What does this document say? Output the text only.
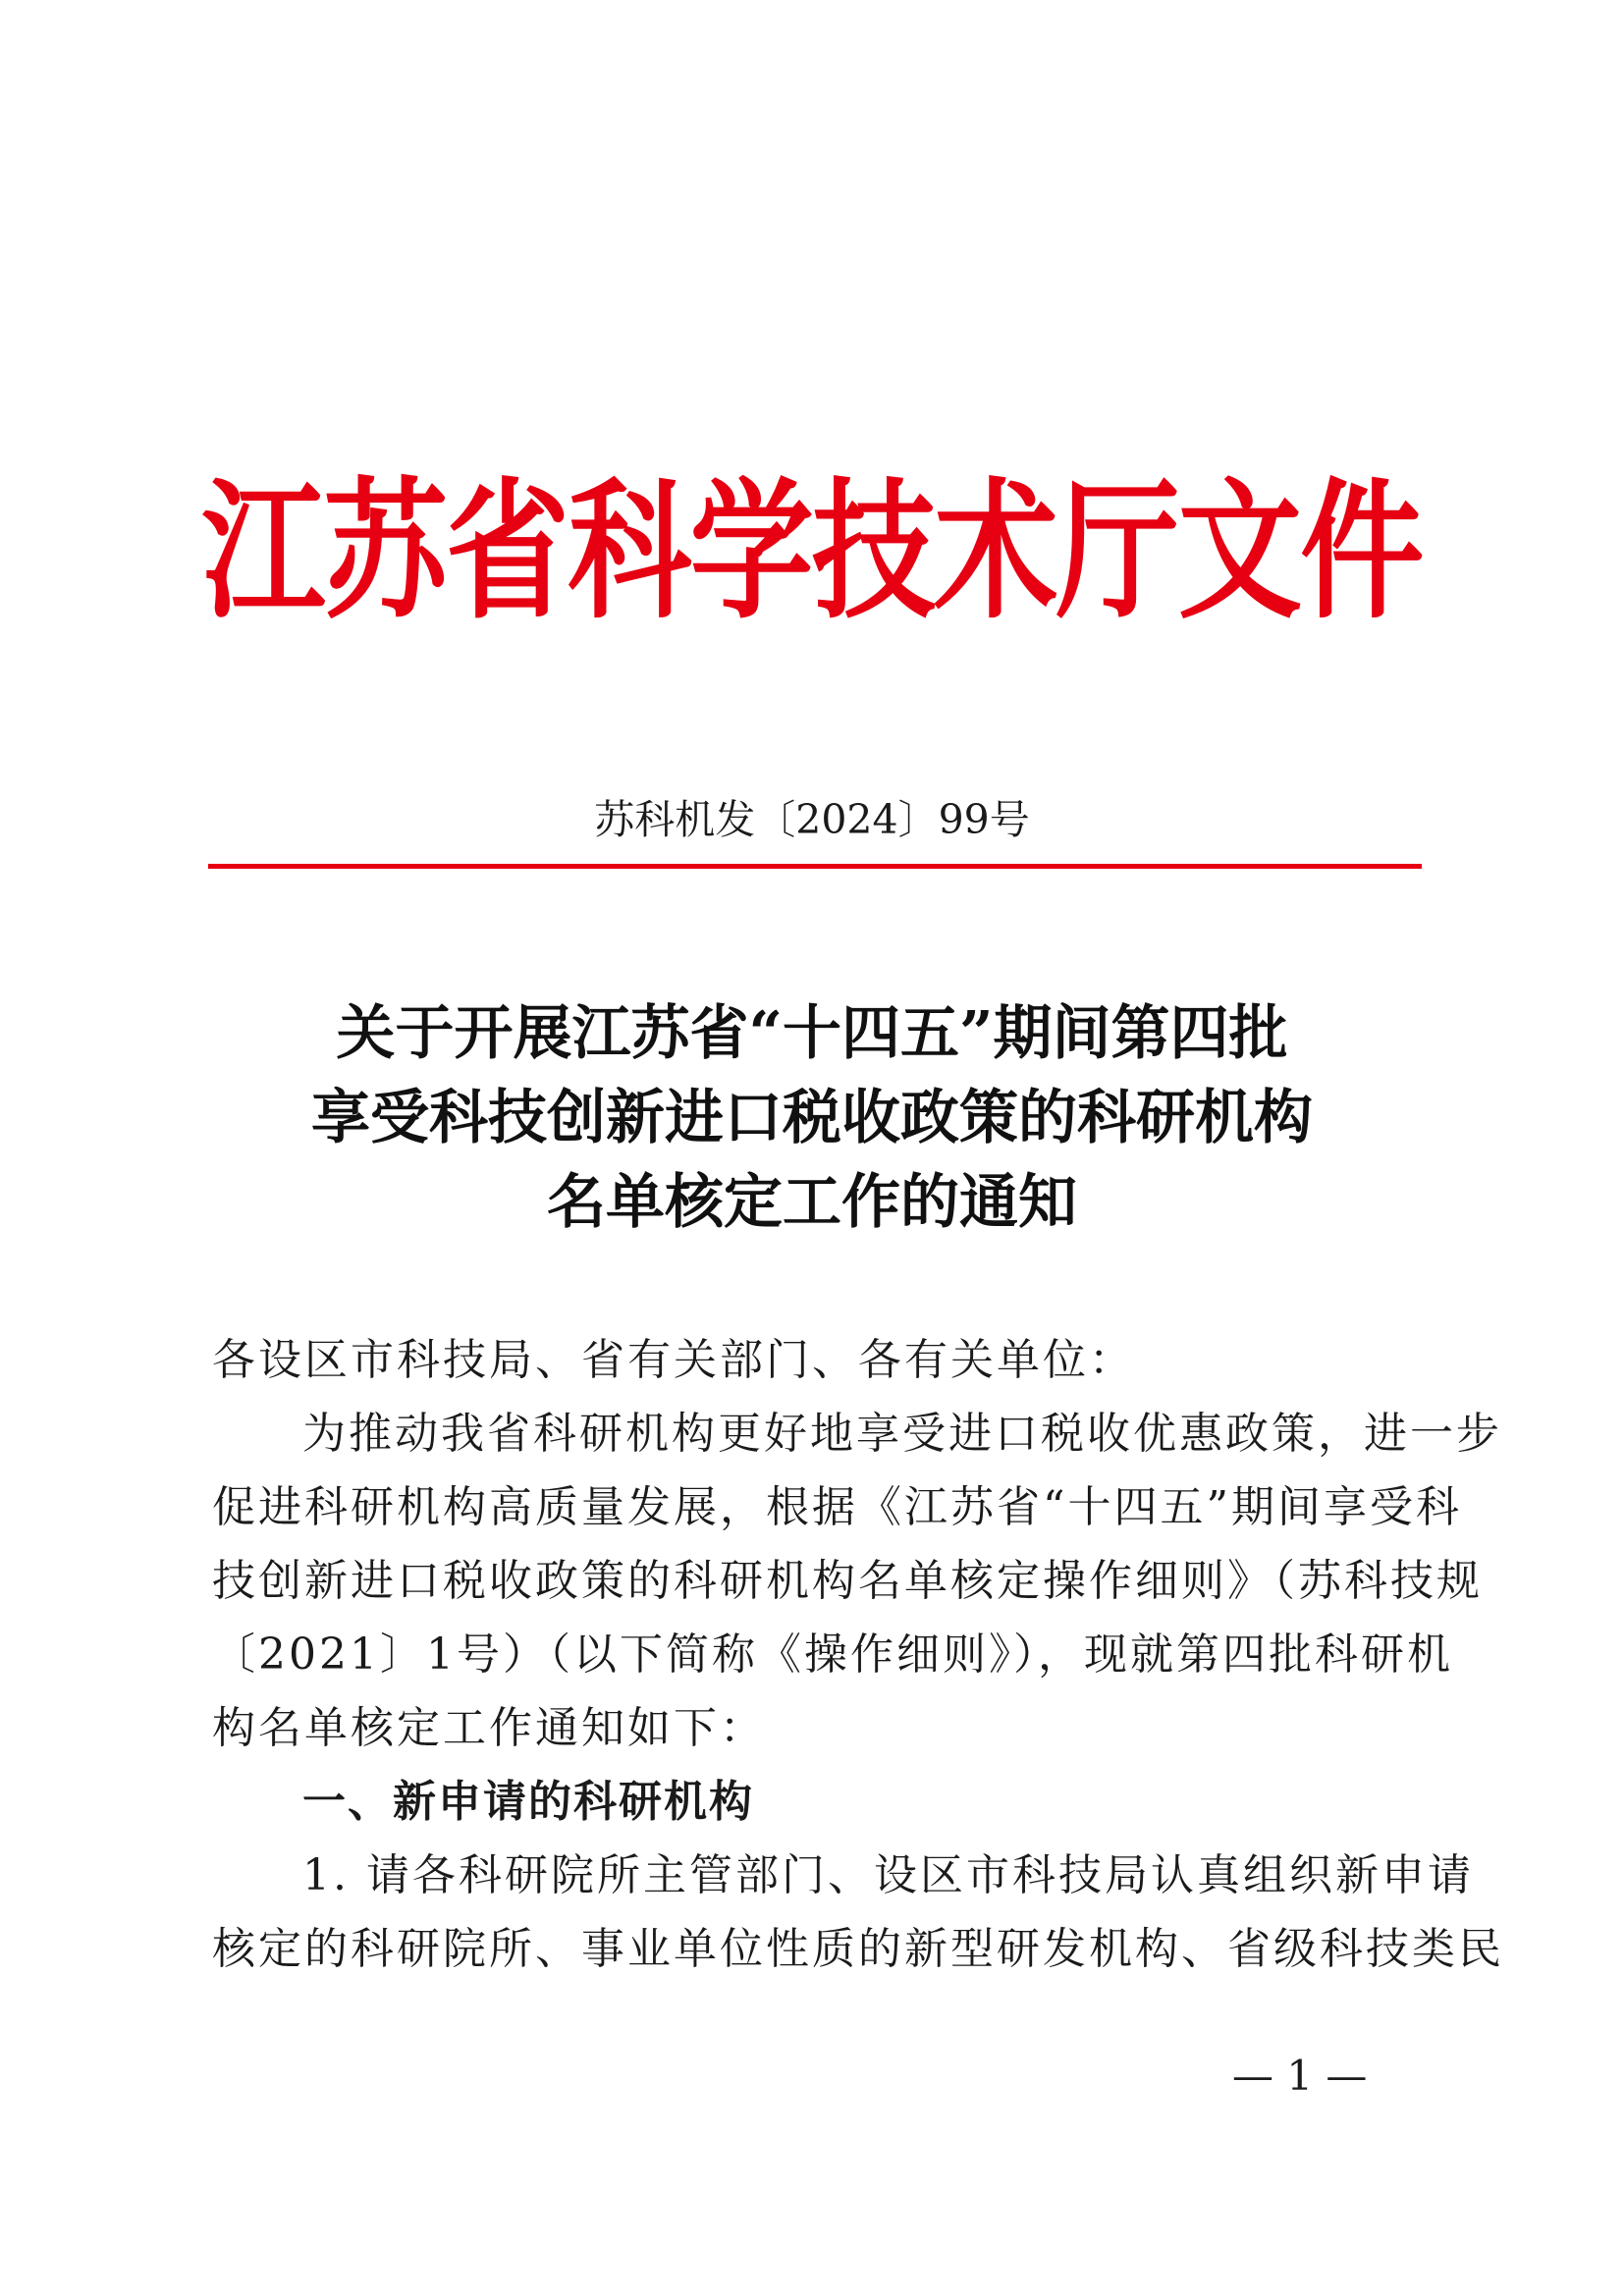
江苏省科学技术厅文件
苏科机发〔2024〕99号
关于开展江苏省“十四五”期间第四批
享受科技创新进口税收政策的科研机构
名单核定工作的通知
各设区市科技局、省有关部门、各有关单位：
为推动我省科研机构更好地享受进口税收优惠政策，进一步
促进科研机构高质量发展，根据《江苏省“十四五”期间享受科
技创新进口税收政策的科研机构名单核定操作细则》（苏科技规
〔2021〕1号）（以下简称《操作细则》），现就第四批科研机
构名单核定工作通知如下：
一、新申请的科研机构
1. 请各科研院所主管部门、设区市科技局认真组织新申请
核定的科研院所、事业单位性质的新型研发机构、省级科技类民
— 1 —
